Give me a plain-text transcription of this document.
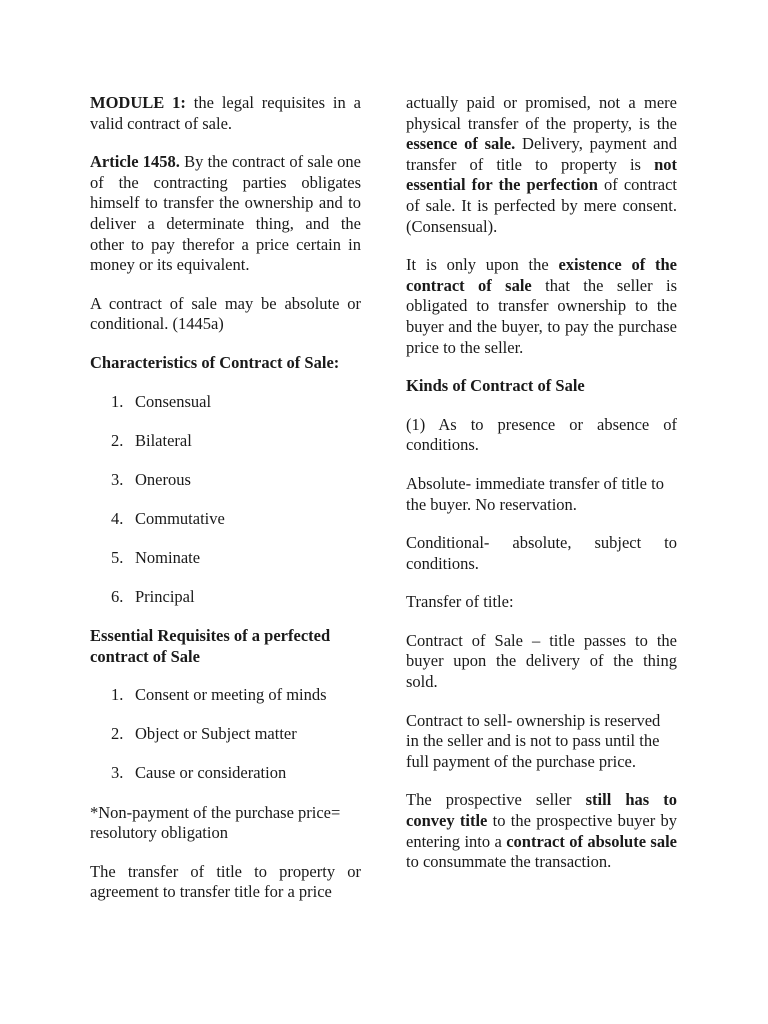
MODULE 1: the legal requisites in a valid contract of sale.

Article 1458. By the contract of sale one of the contracting parties obligates himself to transfer the ownership and to deliver a determinate thing, and the other to pay therefor a price certain in money or its equivalent.

A contract of sale may be absolute or conditional. (1445a)

Characteristics of Contract of Sale:

1. Consensual
2. Bilateral
3. Onerous
4. Commutative
5. Nominate
6. Principal

Essential Requisites of a perfected contract of Sale

1. Consent or meeting of minds
2. Object or Subject matter
3. Cause or consideration

*Non-payment of the purchase price= resolutory obligation

The transfer of title to property or agreement to transfer title for a price

actually paid or promised, not a mere physical transfer of the property, is the essence of sale. Delivery, payment and transfer of title to property is not essential for the perfection of contract of sale. It is perfected by mere consent. (Consensual).

It is only upon the existence of the contract of sale that the seller is obligated to transfer ownership to the buyer and the buyer, to pay the purchase price to the seller.

Kinds of Contract of Sale

(1) As to presence or absence of conditions.

Absolute- immediate transfer of title to the buyer. No reservation.

Conditional- absolute, subject to conditions.

Transfer of title:

Contract of Sale – title passes to the buyer upon the delivery of the thing sold.

Contract to sell- ownership is reserved in the seller and is not to pass until the full payment of the purchase price.

The prospective seller still has to convey title to the prospective buyer by entering into a contract of absolute sale to consummate the transaction.
